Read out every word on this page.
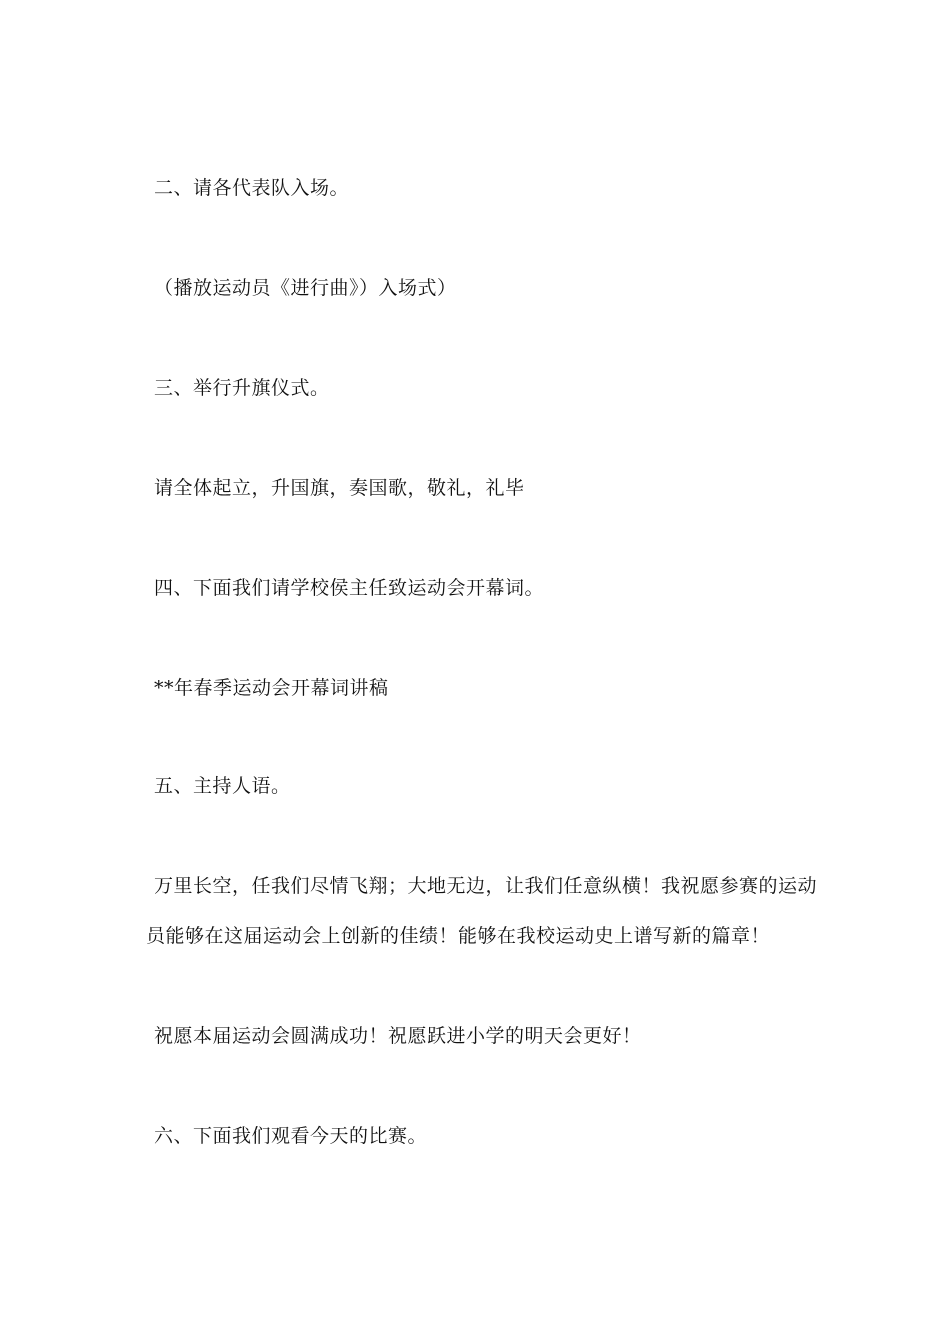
二、请各代表队入场。
（播放运动员《进行曲》）入场式）
三、举行升旗仪式。
请全体起立，升国旗，奏国歌，敬礼，礼毕
四、下面我们请学校侯主任致运动会开幕词。
**年春季运动会开幕词讲稿
五、主持人语。
万里长空，任我们尽情飞翔；大地无边，让我们任意纵横！我祝愿参赛的运动
员能够在这届运动会上创新的佳绩！能够在我校运动史上谱写新的篇章！
祝愿本届运动会圆满成功！祝愿跃进小学的明天会更好！
六、下面我们观看今天的比赛。
